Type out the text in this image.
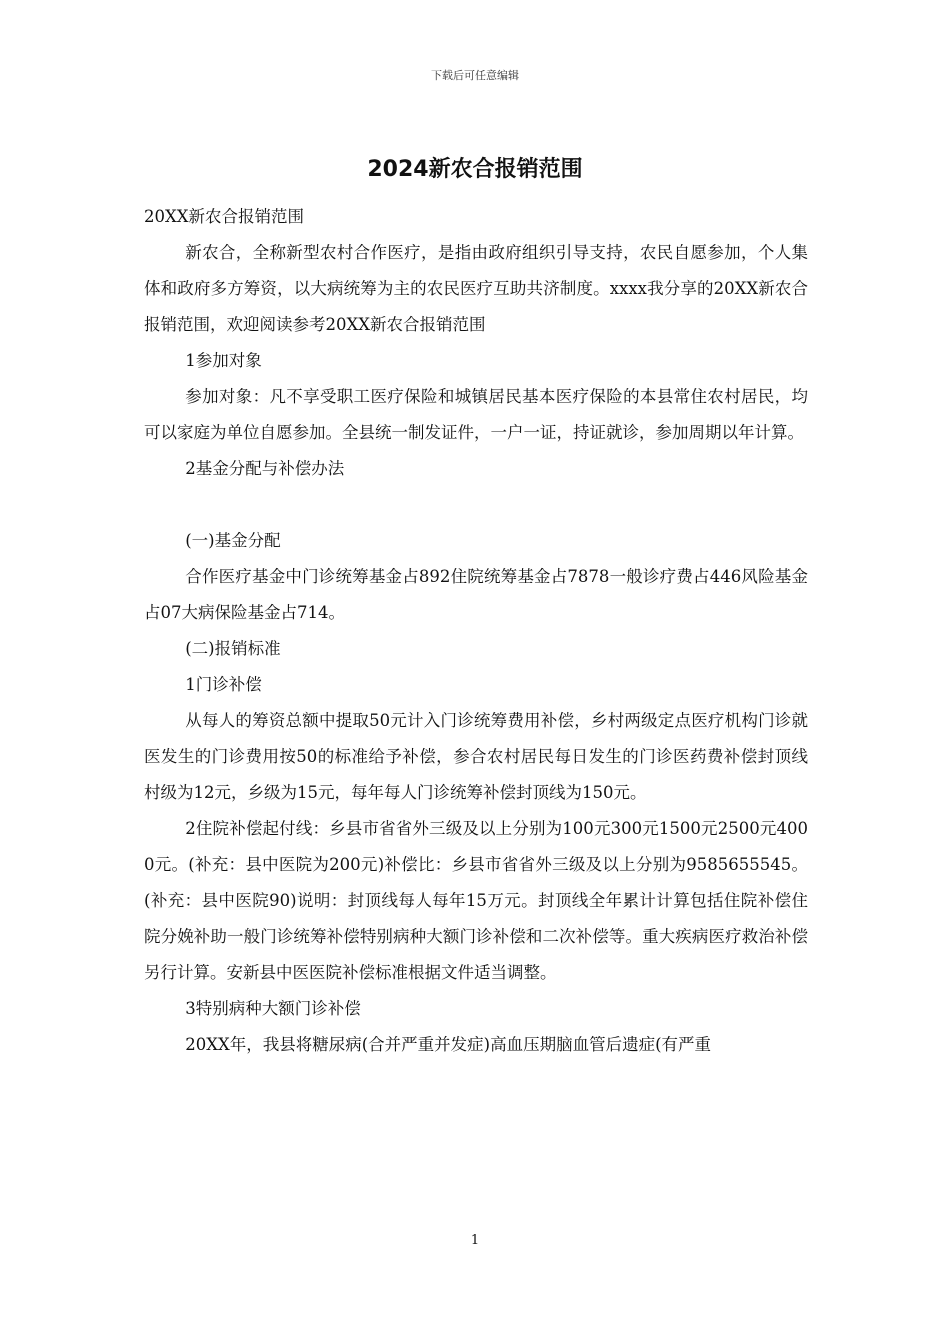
下载后可任意编辑
2024新农合报销范围

20XX新农合报销范围

新农合，全称新型农村合作医疗，是指由政府组织引导支持，农民自愿参加，个人集体和政府多方筹资，以大病统筹为主的农民医疗互助共济制度。xxxx我分享的20XX新农合报销范围，欢迎阅读参考20XX新农合报销范围

1参加对象

参加对象：凡不享受职工医疗保险和城镇居民基本医疗保险的本县常住农村居民，均可以家庭为单位自愿参加。全县统一制发证件，一户一证，持证就诊，参加周期以年计算。

2基金分配与补偿办法

(一)基金分配

合作医疗基金中门诊统筹基金占892住院统筹基金占7878一般诊疗费占446风险基金占07大病保险基金占714。

(二)报销标准

1门诊补偿

从每人的筹资总额中提取50元计入门诊统筹费用补偿，乡村两级定点医疗机构门诊就医发生的门诊费用按50的标准给予补偿，参合农村居民每日发生的门诊医药费补偿封顶线村级为12元，乡级为15元，每年每人门诊统筹补偿封顶线为150元。

2住院补偿起付线：乡县市省省外三级及以上分别为100元300元1500元2500元4000元。(补充：县中医院为200元)补偿比：乡县市省省外三级及以上分别为9585655545。(补充：县中医院90)说明：封顶线每人每年15万元。封顶线全年累计计算包括住院补偿住院分娩补助一般门诊统筹补偿特别病种大额门诊补偿和二次补偿等。重大疾病医疗救治补偿另行计算。安新县中医医院补偿标准根据文件适当调整。

3特别病种大额门诊补偿

20XX年，我县将糖尿病(合并严重并发症)高血压期脑血管后遗症(有严重

1
